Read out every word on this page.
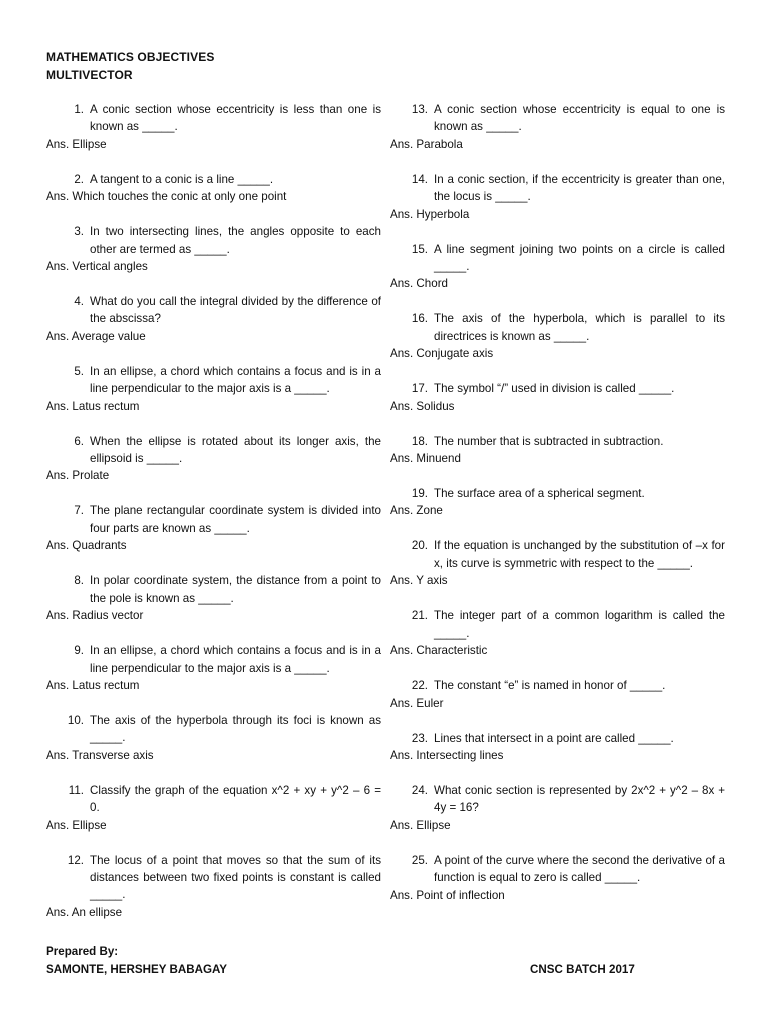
MATHEMATICS OBJECTIVES
MULTIVECTOR
1. A conic section whose eccentricity is less than one is known as _____.
Ans. Ellipse
2. A tangent to a conic is a line _____.
Ans. Which touches the conic at only one point
3. In two intersecting lines, the angles opposite to each other are termed as _____.
Ans. Vertical angles
4. What do you call the integral divided by the difference of the abscissa?
Ans. Average value
5. In an ellipse, a chord which contains a focus and is in a line perpendicular to the major axis is a _____.
Ans. Latus rectum
6. When the ellipse is rotated about its longer axis, the ellipsoid is _____.
Ans. Prolate
7. The plane rectangular coordinate system is divided into four parts are known as _____.
Ans. Quadrants
8. In polar coordinate system, the distance from a point to the pole is known as _____.
Ans. Radius vector
9. In an ellipse, a chord which contains a focus and is in a line perpendicular to the major axis is a _____.
Ans. Latus rectum
10. The axis of the hyperbola through its foci is known as _____.
Ans. Transverse axis
11. Classify the graph of the equation x^2 + xy + y^2 – 6 = 0.
Ans. Ellipse
12. The locus of a point that moves so that the sum of its distances between two fixed points is constant is called _____.
Ans. An ellipse
13. A conic section whose eccentricity is equal to one is known as _____.
Ans. Parabola
14. In a conic section, if the eccentricity is greater than one, the locus is _____.
Ans. Hyperbola
15. A line segment joining two points on a circle is called _____.
Ans. Chord
16. The axis of the hyperbola, which is parallel to its directrices is known as _____.
Ans. Conjugate axis
17. The symbol “/” used in division is called _____.
Ans. Solidus
18. The number that is subtracted in subtraction.
Ans. Minuend
19. The surface area of a spherical segment.
Ans. Zone
20. If the equation is unchanged by the substitution of –x for x, its curve is symmetric with respect to the _____.
Ans. Y axis
21. The integer part of a common logarithm is called the _____.
Ans. Characteristic
22. The constant “e” is named in honor of _____.
Ans. Euler
23. Lines that intersect in a point are called _____.
Ans. Intersecting lines
24. What conic section is represented by 2x^2 + y^2 – 8x + 4y = 16?
Ans. Ellipse
25. A point of the curve where the second the derivative of a function is equal to zero is called _____.
Ans. Point of inflection
Prepared By:
SAMONTE, HERSHEY BABAGAY	CNSC BATCH 2017
